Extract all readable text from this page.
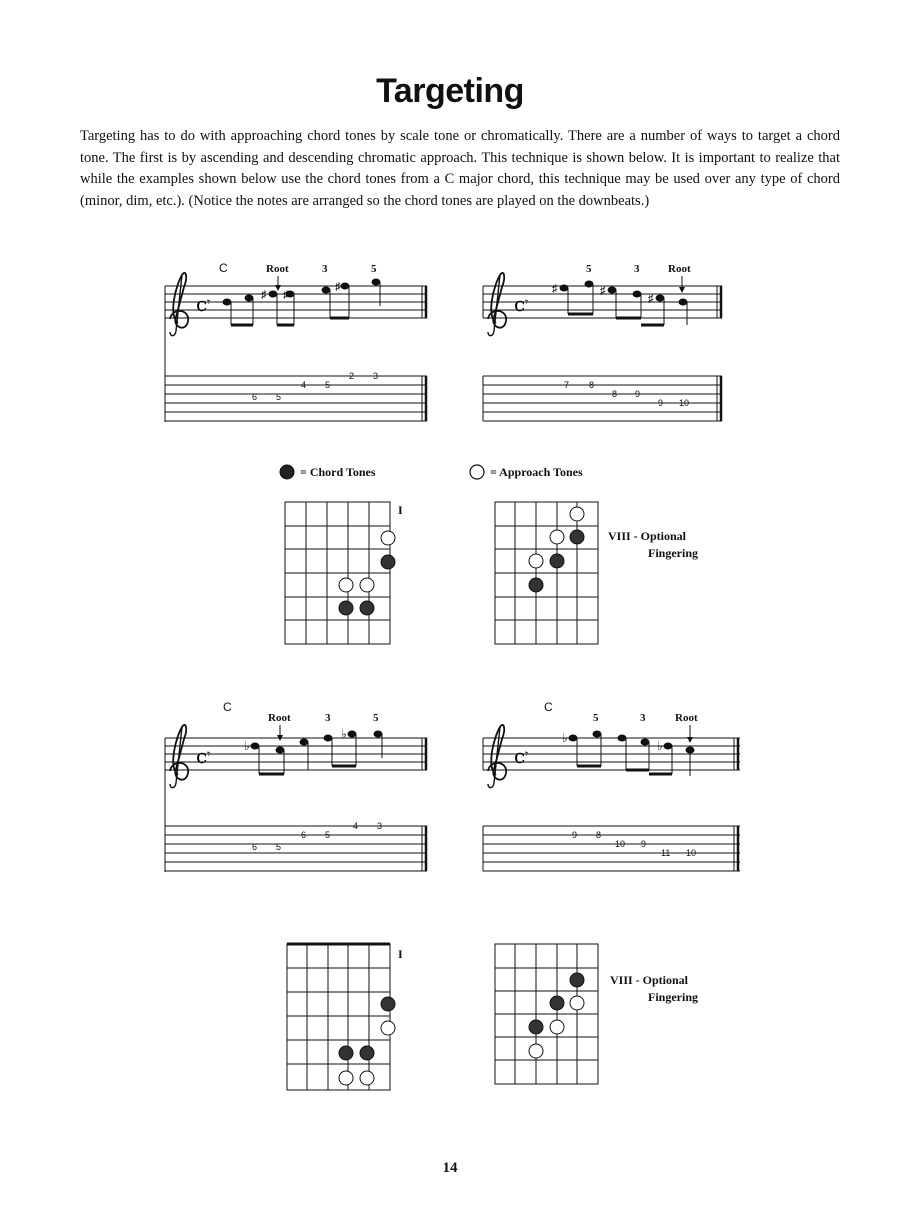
Targeting

Targeting has to do with approaching chord tones by scale tone or chromatically. There are a number of ways to target a chord tone. The first is by ascending and descending chromatic approach. This technique is shown below. It is important to realize that while the examples shown below use the chord tones from a C major chord, this technique may be used over any type of chord (minor, dim, etc.). (Notice the notes are arranged so the chord tones are played on the downbeats.)

C	Root	3	5
c 𝄾	♯ ♯
♯
6 5
4 5
2 3
5	3	Root
c 𝄾
♯	♯
♯
7 8
8 9
9 10
= Chord Tones	= Approach Tones
I
VIII - Optional
Fingering
C
Root	3	5
c 𝄾
♭
♭
6 5
6 5
4 3
C
5	3	Root
c 𝄾
♭
♭
9 8
10 9
11 10
I
VIII - Optional
Fingering
14
